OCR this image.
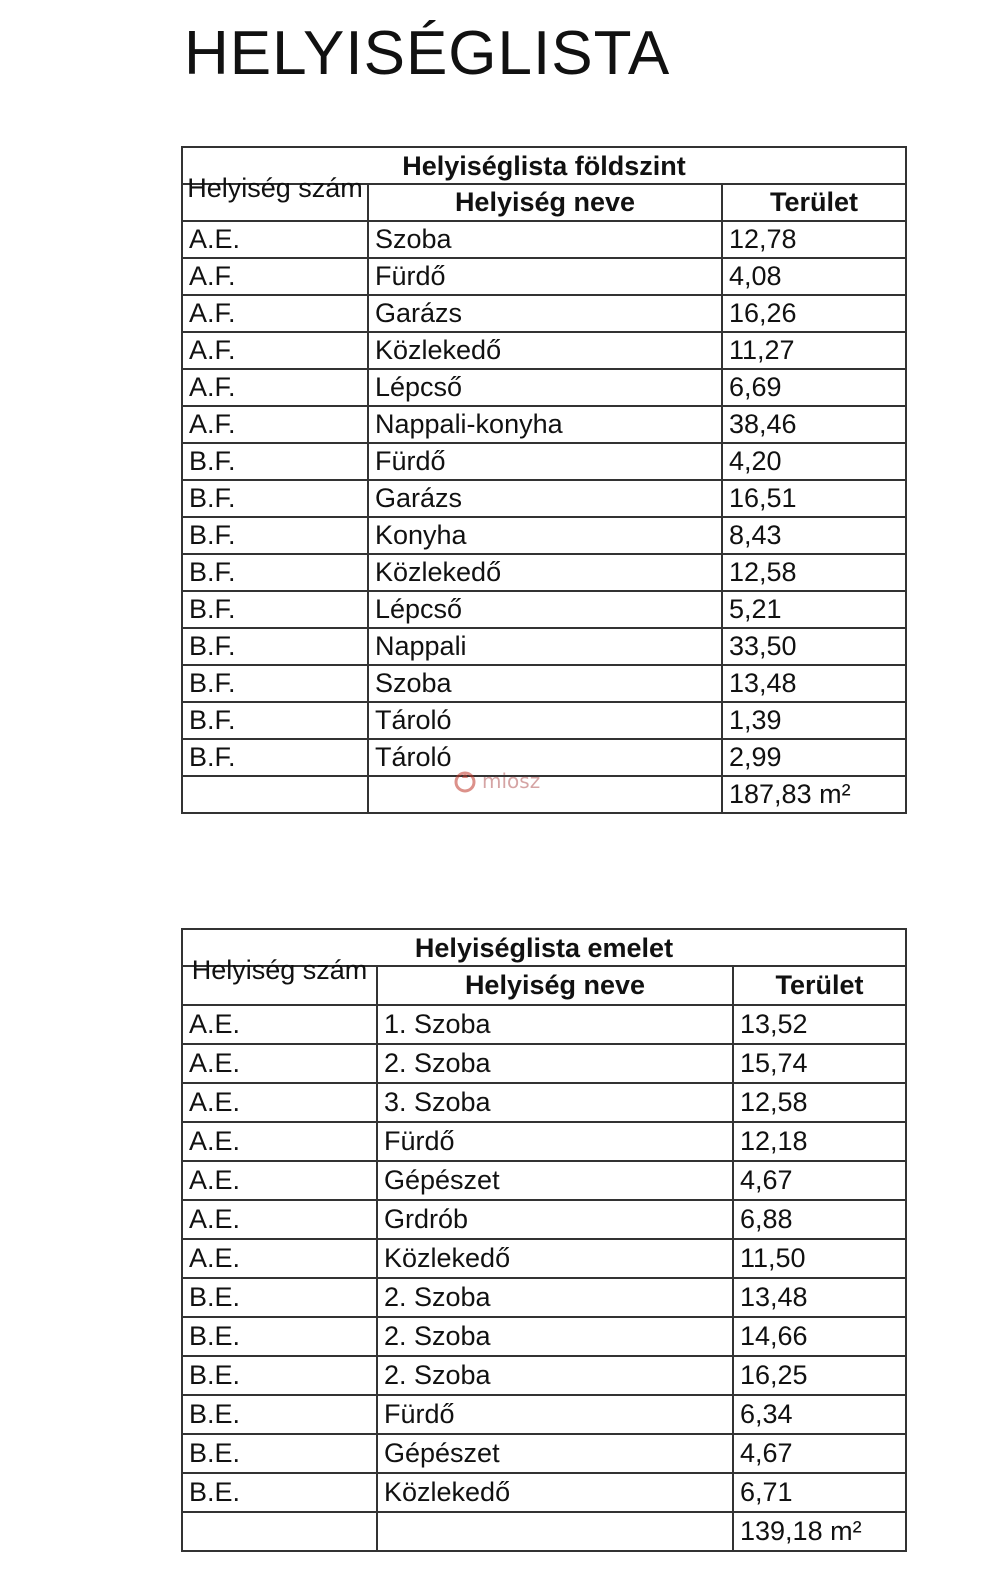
HELYISÉGLISTA
Helyiséglista földszint
Helyiség szám	Helyiség neve	Terület
A.E.	Szoba	12,78
A.F.	Fürdő	4,08
A.F.	Garázs	16,26
A.F.	Közlekedő	11,27
A.F.	Lépcső	6,69
A.F.	Nappali-konyha	38,46
B.F.	Fürdő	4,20
B.F.	Garázs	16,51
B.F.	Konyha	8,43
B.F.	Közlekedő	12,58
B.F.	Lépcső	5,21
B.F.	Nappali	33,50
B.F.	Szoba	13,48
B.F.	Tároló	1,39
B.F.	Tároló	2,99
187,83 m²
Helyiséglista emelet
Helyiség szám	Helyiség neve	Terület
A.E.	1. Szoba	13,52
A.E.	2. Szoba	15,74
A.E.	3. Szoba	12,58
A.E.	Fürdő	12,18
A.E.	Gépészet	4,67
A.E.	Grdrób	6,88
A.E.	Közlekedő	11,50
B.E.	2. Szoba	13,48
B.E.	2. Szoba	14,66
B.E.	2. Szoba	16,25
B.E.	Fürdő	6,34
B.E.	Gépészet	4,67
B.E.	Közlekedő	6,71
139,18 m²
miosz
